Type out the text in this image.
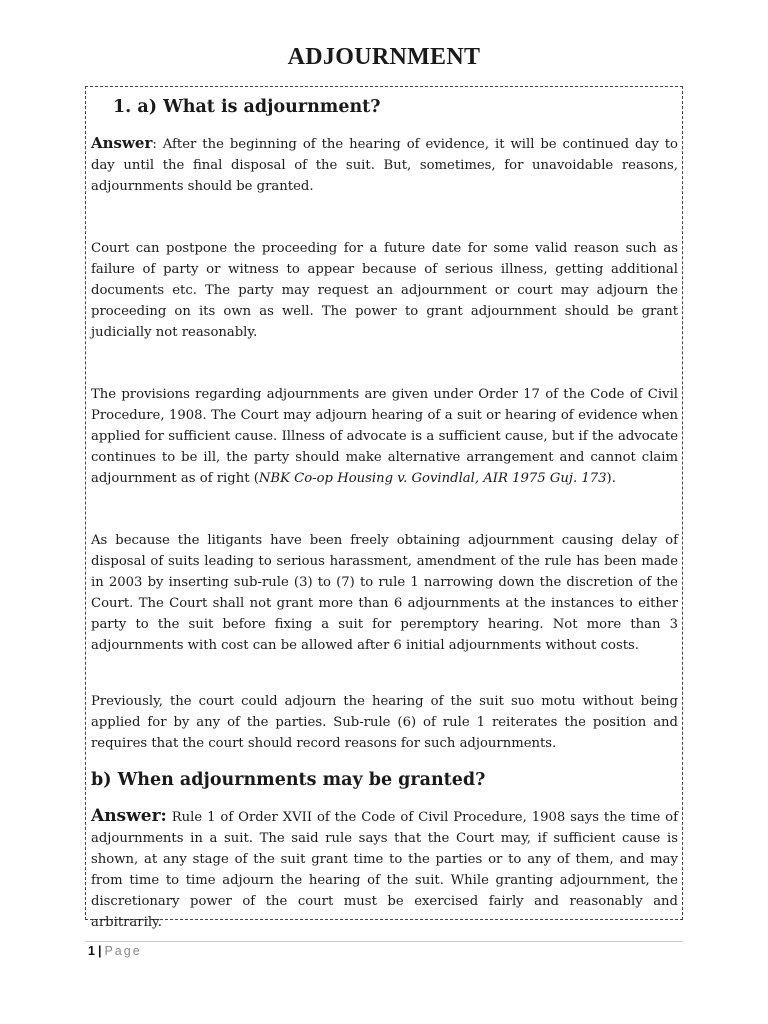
ADJOURNMENT
1. a) What is adjournment?

Answer: After the beginning of the hearing of evidence, it will be continued day to day until the final disposal of the suit. But, sometimes, for unavoidable reasons, adjournments should be granted.

Court can postpone the proceeding for a future date for some valid reason such as failure of party or witness to appear because of serious illness, getting additional documents etc. The party may request an adjournment or court may adjourn the proceeding on its own as well. The power to grant adjournment should be grant judicially not reasonably.

The provisions regarding adjournments are given under Order 17 of the Code of Civil Procedure, 1908. The Court may adjourn hearing of a suit or hearing of evidence when applied for sufficient cause. Illness of advocate is a sufficient cause, but if the advocate continues to be ill, the party should make alternative arrangement and cannot claim adjournment as of right (NBK Co-op Housing v. Govindlal, AIR 1975 Guj. 173).

As because the litigants have been freely obtaining adjournment causing delay of disposal of suits leading to serious harassment, amendment of the rule has been made in 2003 by inserting sub-rule (3) to (7) to rule 1 narrowing down the discretion of the Court. The Court shall not grant more than 6 adjournments at the instances to either party to the suit before fixing a suit for peremptory hearing. Not more than 3 adjournments with cost can be allowed after 6 initial adjournments without costs.

Previously, the court could adjourn the hearing of the suit suo motu without being applied for by any of the parties. Sub-rule (6) of rule 1 reiterates the position and requires that the court should record reasons for such adjournments.

b) When adjournments may be granted?

Answer: Rule 1 of Order XVII of the Code of Civil Procedure, 1908 says the time of adjournments in a suit. The said rule says that the Court may, if sufficient cause is shown, at any stage of the suit grant time to the parties or to any of them, and may from time to time adjourn the hearing of the suit. While granting adjournment, the discretionary power of the court must be exercised fairly and reasonably and arbitrarily.

1 | Page
